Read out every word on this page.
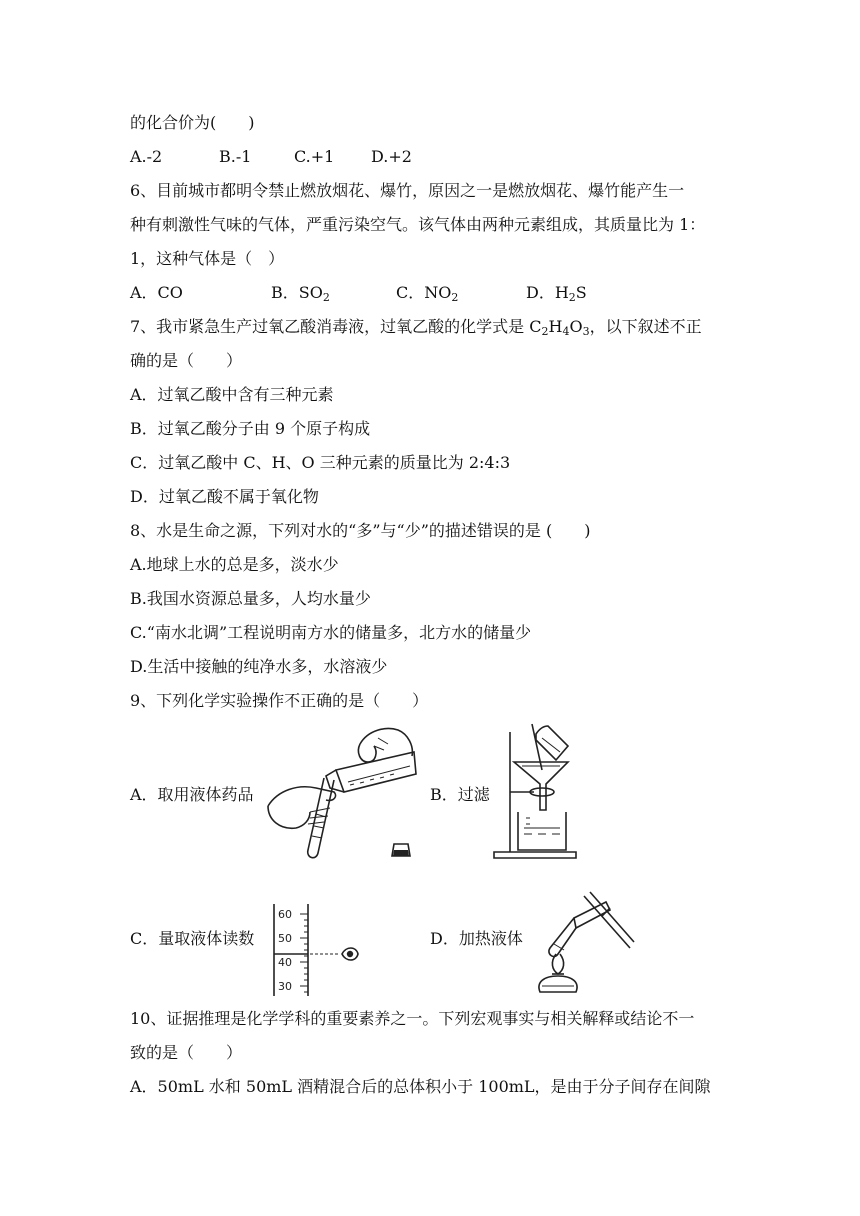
的化合价为(　　)
A.-2	B.-1	C.+1 D.+2
6、目前城市都明令禁止燃放烟花、爆竹，原因之一是燃放烟花、爆竹能产生一
种有刺激性气味的气体，严重污染空气。该气体由两种元素组成，其质量比为 1：
1，这种气体是（　）
A．CO	B．$SO_2$	C．$NO_2$	D．$H_2S$
7、我市紧急生产过氧乙酸消毒液，过氧乙酸的化学式是 $C_2H_4O_3$，以下叙述不正
确的是（　　）
A．过氧乙酸中含有三种元素
B．过氧乙酸分子由 9 个原子构成
C．过氧乙酸中 C、H、O 三种元素的质量比为 2:4:3
D．过氧乙酸不属于氧化物
8、水是生命之源，下列对水的“多”与“少”的描述错误的是 (　　)
A.地球上水的总是多，淡水少
B.我国水资源总量多，人均水量少
C.“南水北调”工程说明南方水的储量多，北方水的储量少
D.生活中接触的纯净水多，水溶液少
9、下列化学实验操作不正确的是（　　）
A．取用液体药品	B．过滤
C．量取液体读数
60
50
40
30
D．加热液体
10、证据推理是化学学科的重要素养之一。下列宏观事实与相关解释或结论不一
致的是（　　）
A．50mL 水和 50mL 酒精混合后的总体积小于 100mL，是由于分子间存在间隙
